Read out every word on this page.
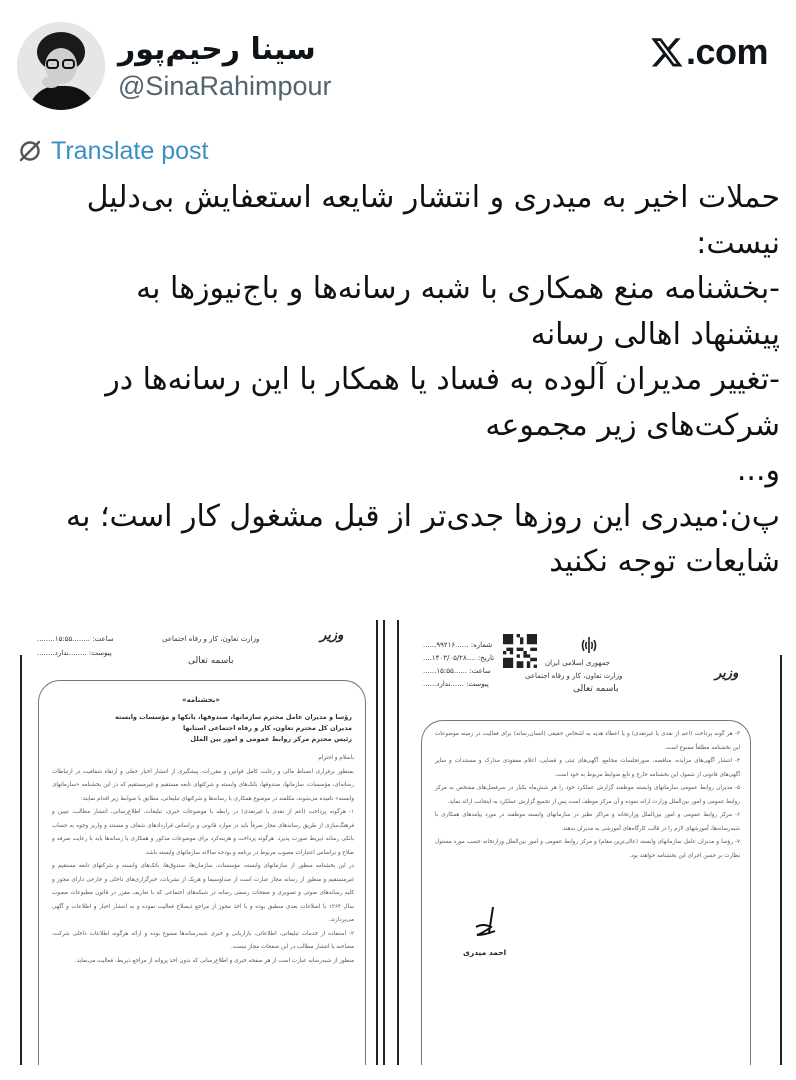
سینا رحیم‌پور
@SinaRahimpour
.com
Translate post
حملات اخیر به میدری و انتشار شایعه استعفایش بی‌دلیل
نیست:
-بخشنامه منع همکاری با شبه رسانه‌ها و باج‌نیوزها به
پیشنهاد اهالی رسانه
-تغییر مدیران آلوده به فساد یا همکار با این رسانه‌ها در
شرکت‌های زیر مجموعه
و...
پ‌ن:میدری این روزها جدی‌تر از قبل مشغول کار است؛ به
شایعات توجه نکنید
وزیر
وزارت تعاون، کار و رفاه اجتماعی
ساعت: ........۱۵:۵۵........
پیوست: ........ندارد........
باسمه تعالی
«بخشنامه»
رؤسا و مدیران عامل محترم سازمانها، صندوقها، بانکها و مؤسسات وابسته
مدیران کل محترم تعاون، کار و رفاه اجتماعی استانها
رئیس محترم مرکز روابط عمومی و امور بین الملل

باسلام و احترام

بمنظور برقراری انضباط مالی و رعایت کامل قوانین و مقررات، پیشگیری از انتشار اخبار جعلی و ارتقاء شفافیت در ارتباطات رسانه‌ای، مؤسسات، سازمانها، صندوقها، بانک‌های وابسته و شرکتهای تابعه مستقیم و غیرمستقیم که در این بخشنامه «سازمانهای وابسته» نامیده می‌شوند، مکلفند در موضوع همکاری با رسانه‌ها و شرکتهای تبلیغاتی، مطابق با ضوابط زیر اقدام نمایند:

۱- هرگونه پرداخت (اعم از نقدی یا غیرنقدی) در رابطه با موضوعات خبری، تبلیغات، اطلاع‌رسانی، انتشار مطالب، تبیین و فرهنگ‌سازی از طریق رسانه‌های مجاز صرفاً باید در موارد قانونی و براساس قراردادهای شفاف و مستند و واریز وجوه به حساب بانکی رسانه ذیربط صورت پذیرد. هرگونه پرداخت و هزینه‌کرد برای موضوعات مذکور و همکاری با رسانه‌ها باید با رعایت صرفه و صلاح و براساس اعتبارات مصوب مربوط در برنامه و بودجه سالانه سازمانهای وابسته باشد.

در این بخشنامه منظور از سازمانهای وابسته، مؤسسات، سازمان‌ها، صندوق‌ها، بانک‌های وابسته و شرکتهای تابعه مستقیم و غیرمستقیم و منظور از رسانه مجاز عبارت است از صداوسیما و هریک از نشریات، خبرگزاری‌های داخلی و خارجی دارای مجوز و کلیه رسانه‌های صوتی و تصویری و صفحات رسمی رسانه در شبکه‌های اجتماعی که با تعاریف مقرر در قانون مطبوعات مصوب سال ۱۳۶۴ با اصلاحات بعدی منطبق بوده و با اخذ مجوز از مراجع ذیصلاح فعالیت نموده و به انتشار اخبار و اطلاعات و آگهی می‌پردازند.

۲- استفاده از خدمات تبلیغاتی، اطلاعاتی، بازاریابی و خبری شبه‌رسانه‌ها ممنوع بوده و ارائه هرگونه اطلاعات داخلی شرکت، مصاحبه یا انتشار مطالب در این صفحات مجاز نیست.

منظور از شبه‌رسانه عبارت است از هر صفحه خبری و اطلاع‌رسانی که بدون اخذ پروانه از مراجع ذیربط، فعالیت می‌نماید.

وزیر
جمهوری اسلامی ایران
وزارت تعاون، کار و رفاه اجتماعی
شماره: ......۹۹۲۱۶......
تاریخ: ....۱۴۰۳/۰۵/۲۸....
ساعت: ......۱۵:۵۵......
پیوست: ......ندارد......	باسمه تعالی

۳- هر گونه پرداخت (اعم از نقدی یا غیرنقدی) و یا اعطاء هدیه به اشخاص حقیقی (انسان‌رسانه) برای فعالیت در زمینه موضوعات این بخشنامه مطلقاً ممنوع است.

۴- انتشار آگهی‌های مزایده، مناقصه، صورتجلسات مجامع، آگهی‌های ثبتی و قضایی، اعلام مفقودی مدارک و مستندات و سایر آگهی‌های قانونی از شمول این بخشنامه خارج و تابع ضوابط مربوط به خود است.

۵- مدیران روابط عمومی سازمانهای وابسته موظفند گزارش عملکرد خود را هر شش‌ماه یکبار در سرفصل‌های مشخص به مرکز روابط عمومی و امور بین‌الملل وزارت ارائه نموده و آن مرکز موظف است پس از تجمیع گزارش عملکرد به اینجانب ارائه نماید.

۶- مرکز روابط عمومی و امور بین‌الملل وزارتخانه و مراکز نظیر در سازمانهای وابسته موظفند در مورد پیامدهای همکاری با شبه‌رسانه‌ها، آموزشهای لازم را در قالب کارگاه‌های آموزشی به مدیران بدهند.

۷- رؤسا و مدیران عامل سازمانهای وابسته (عالی‌ترین مقام) و مرکز روابط عمومی و امور بین‌الملل وزارتخانه حسب مورد مسئول نظارت بر حسن اجرای این بخشنامه خواهند بود.

احمد میدری
